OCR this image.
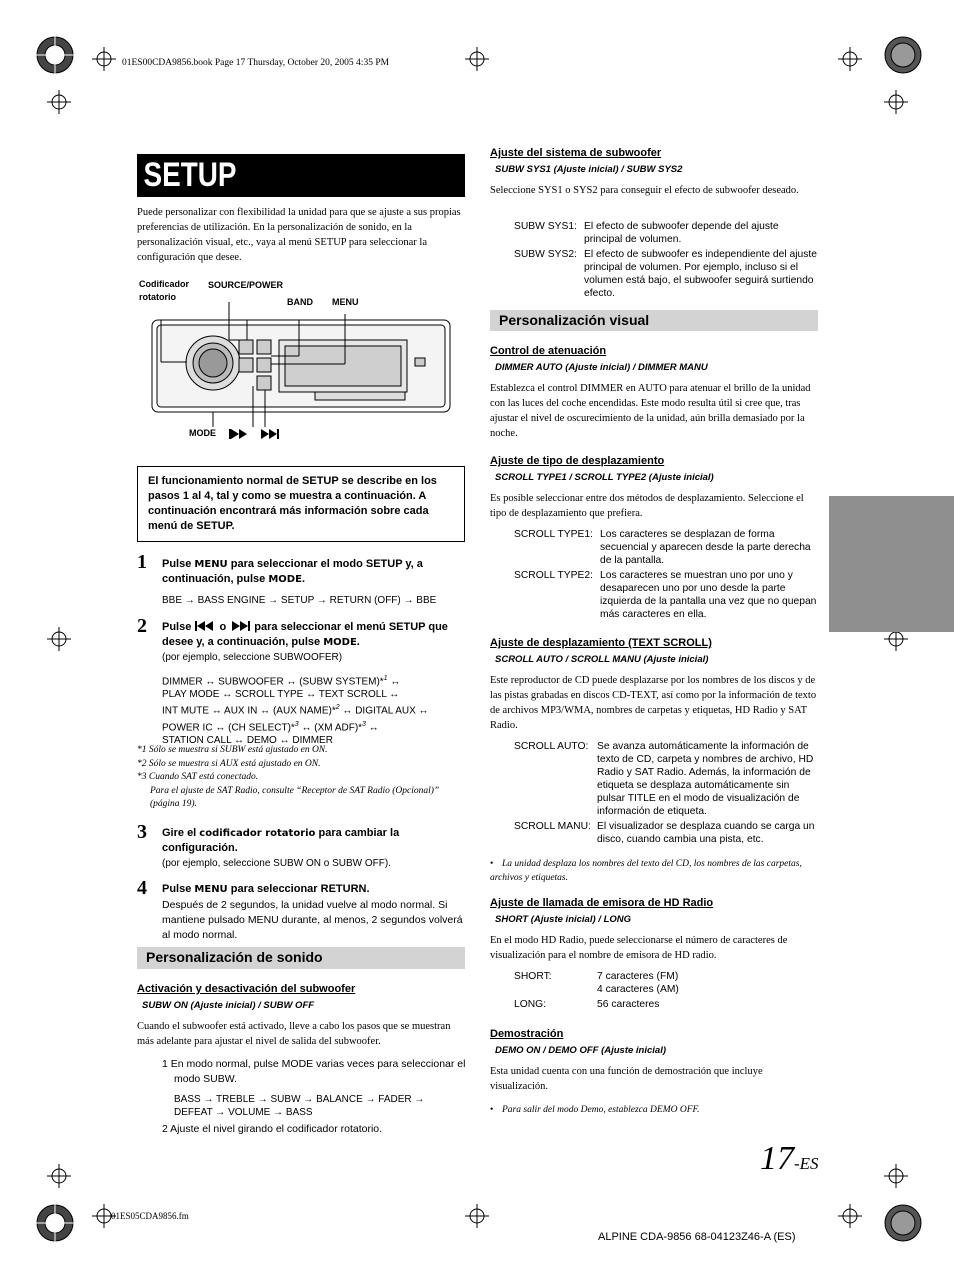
01ES00CDA9856.book Page 17 Thursday, October 20, 2005 4:35 PM
SETUP
Puede personalizar con flexibilidad la unidad para que se ajuste a sus propias preferencias de utilización. En la personalización de sonido, en la personalización visual, etc., vaya al menú SETUP para seleccionar la configuración que desee.
Codificador rotatorio
SOURCE/POWER
BAND MENU
MODE
El funcionamiento normal de SETUP se describe en los pasos 1 al 4, tal y como se muestra a continuación. A continuación encontrará más información sobre cada menú de SETUP.
1 Pulse MENU para seleccionar el modo SETUP y, a continuación, pulse MODE.
BBE → BASS ENGINE → SETUP → RETURN (OFF) → BBE
2 Pulse  o  para seleccionar el menú SETUP que desee y, a continuación, pulse MODE.
(por ejemplo, seleccione SUBWOOFER)
DIMMER ↔ SUBWOOFER ↔ (SUBW SYSTEM)*$^1$ ↔
PLAY MODE ↔ SCROLL TYPE ↔ TEXT SCROLL ↔
INT MUTE ↔ AUX IN ↔ (AUX NAME)*$^2$ ↔ DIGITAL AUX ↔
POWER IC ↔ (CH SELECT)*$^3$ ↔ (XM ADF)*$^3$ ↔
STATION CALL ↔ DEMO ↔ DIMMER
*1 Sólo se muestra si SUBW está ajustado en ON.
*2 Sólo se muestra si AUX está ajustado en ON.
*3 Cuando SAT está conectado.
Para el ajuste de SAT Radio, consulte “Receptor de SAT Radio (Opcional)” (página 19).
3 Gire el codificador rotatorio para cambiar la configuración.
(por ejemplo, seleccione SUBW ON o SUBW OFF).
4 Pulse MENU para seleccionar RETURN.
Después de 2 segundos, la unidad vuelve al modo normal. Si mantiene pulsado MENU durante, al menos, 2 segundos volverá al modo normal.
Personalización de sonido
Activación y desactivación del subwoofer
SUBW ON (Ajuste inicial) / SUBW OFF
Cuando el subwoofer está activado, lleve a cabo los pasos que se muestran más adelante para ajustar el nivel de salida del subwoofer.
1 En modo normal, pulse MODE varias veces para seleccionar el modo SUBW.
BASS → TREBLE → SUBW → BALANCE → FADER → DEFEAT → VOLUME → BASS
2 Ajuste el nivel girando el codificador rotatorio.
Ajuste del sistema de subwoofer
SUBW SYS1 (Ajuste inicial) / SUBW SYS2
Seleccione SYS1 o SYS2 para conseguir el efecto de subwoofer deseado.
SUBW SYS1: El efecto de subwoofer depende del ajuste principal de volumen.
SUBW SYS2: El efecto de subwoofer es independiente del ajuste principal de volumen. Por ejemplo, incluso si el volumen está bajo, el subwoofer seguirá surtiendo efecto.
Personalización visual
Control de atenuación
DIMMER AUTO (Ajuste inicial) / DIMMER MANU
Establezca el control DIMMER en AUTO para atenuar el brillo de la unidad con las luces del coche encendidas. Este modo resulta útil si cree que, tras ajustar el nivel de oscurecimiento de la unidad, aún brilla demasiado por la noche.
Ajuste de tipo de desplazamiento
SCROLL TYPE1 / SCROLL TYPE2 (Ajuste inicial)
Es posible seleccionar entre dos métodos de desplazamiento. Seleccione el tipo de desplazamiento que prefiera.
SCROLL TYPE1: Los caracteres se desplazan de forma secuencial y aparecen desde la parte derecha de la pantalla.
SCROLL TYPE2: Los caracteres se muestran uno por uno y desaparecen uno por uno desde la parte izquierda de la pantalla una vez que no quepan más caracteres en ella.
Ajuste de desplazamiento (TEXT SCROLL)
SCROLL AUTO / SCROLL MANU (Ajuste inicial)
Este reproductor de CD puede desplazarse por los nombres de los discos y de las pistas grabadas en discos CD-TEXT, así como por la información de texto de archivos MP3/WMA, nombres de carpetas y etiquetas, HD Radio y SAT Radio.
SCROLL AUTO: Se avanza automáticamente la información de texto de CD, carpeta y nombres de archivo, HD Radio y SAT Radio. Además, la información de etiqueta se desplaza automáticamente sin pulsar TITLE en el modo de visualización de información de etiqueta.
SCROLL MANU: El visualizador se desplaza cuando se carga un disco, cuando cambia una pista, etc.
• La unidad desplaza los nombres del texto del CD, los nombres de las carpetas, archivos y etiquetas.
Ajuste de llamada de emisora de HD Radio
SHORT (Ajuste inicial) / LONG
En el modo HD Radio, puede seleccionarse el número de caracteres de visualización para el nombre de emisora de HD radio.
SHORT:	7 caracteres (FM)
4 caracteres (AM)
LONG:	56 caracteres
Demostración
DEMO ON / DEMO OFF (Ajuste inicial)
Esta unidad cuenta con una función de demostración que incluye visualización.
• Para salir del modo Demo, establezca DEMO OFF.
17-ES
01ES05CDA9856.fm
ALPINE CDA-9856 68-04123Z46-A (ES)
